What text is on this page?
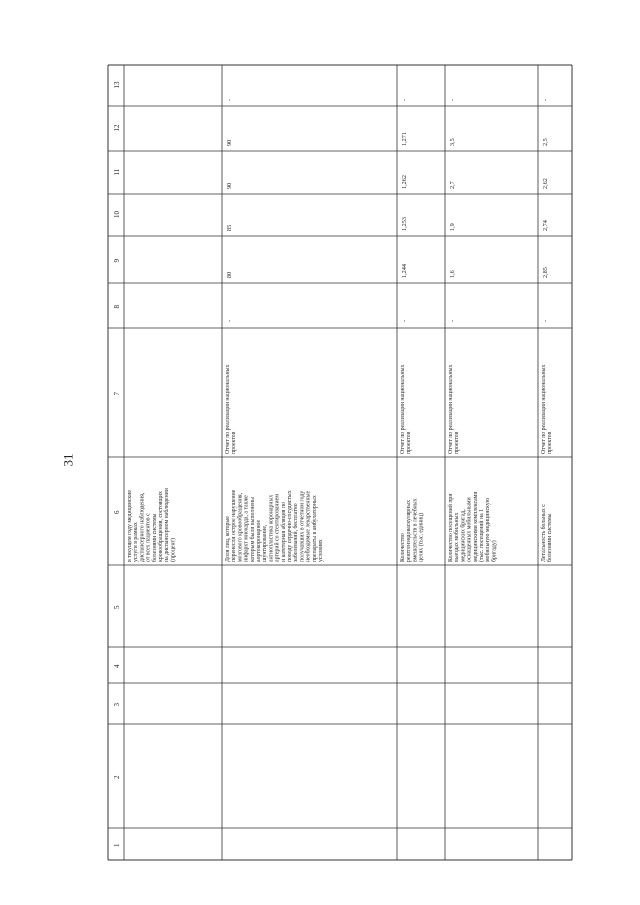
31
1
2
3
4
5
6
7
8
9
10
11
12
13
в текущем году медицинские услуги в рамках диспансерного наблюдения, от всех пациентов с болезнями системы кровообращения, состоящих на диспансерном наблюдении (процент)	Доля лиц, которые перенесли острое нарушение мозгового кровообращения, инфаркт миокарда, а также которым были выполнены аортокоронарное шунтирование, ангиопластика коронарных артерий со стентированием и катетерная абляция по поводу сердечно-сосудистых заболеваний, бесплатно получавших в отчетном году необходимые лекарственные препараты в амбулаторных условиях
Отчет по реализации национальных проектов
-
80
85
90
90
-
Количество рентгенэндоваскулярных вмешательств в лечебных целях (тыс. единиц)
Отчет по реализации национальных проектов
-
1,244
1,253
1,262
1,271
-
Количество посещений при выездах мобильных медицинских бригад, оснащенных мобильными медицинскими комплексами (тыс. посещений на 1 мобильную медицинскую бригаду)
Отчет по реализации национальных проектов
-
1,6
1,9
2,7
3,5
-
Летальность больных с болезнями системы
Отчет по реализации национальных проектов
-
2,85
2,74
2,62
2,5
-
